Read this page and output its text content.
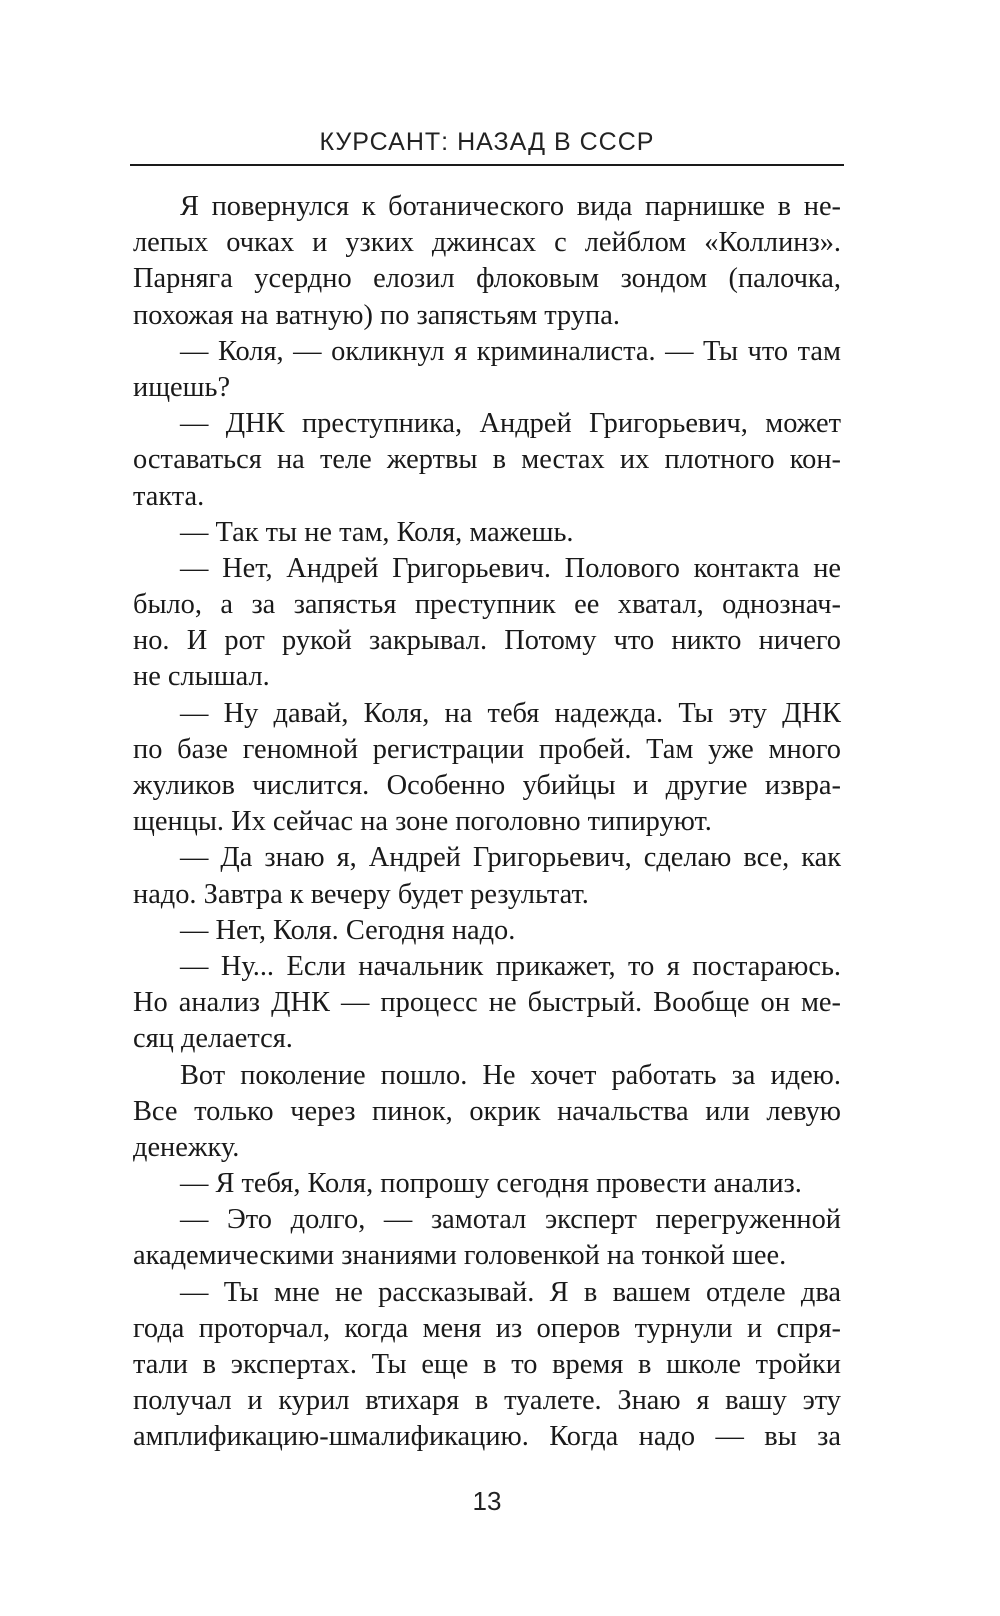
КУРСАНТ: НАЗАД В СССР
Я повернулся к ботанического вида парнишке в не-
лепых очках и узких джинсах с лейблом «Коллинз».
Парняга усердно елозил флоковым зондом (палочка,
похожая на ватную) по запястьям трупа.
— Коля, — окликнул я криминалиста. — Ты что там
ищешь?
— ДНК преступника, Андрей Григорьевич, может
оставаться на теле жертвы в местах их плотного кон-
такта.
— Так ты не там, Коля, мажешь.
— Нет, Андрей Григорьевич. Полового контакта не
было, а за запястья преступник ее хватал, однознач-
но. И рот рукой закрывал. Потому что никто ничего
не слышал.
— Ну давай, Коля, на тебя надежда. Ты эту ДНК
по базе геномной регистрации пробей. Там уже много
жуликов числится. Особенно убийцы и другие извра-
щенцы. Их сейчас на зоне поголовно типируют.
— Да знаю я, Андрей Григорьевич, сделаю все, как
надо. Завтра к вечеру будет результат.
— Нет, Коля. Сегодня надо.
— Ну... Если начальник прикажет, то я постараюсь.
Но анализ ДНК — процесс не быстрый. Вообще он ме-
сяц делается.
Вот поколение пошло. Не хочет работать за идею.
Все только через пинок, окрик начальства или левую
денежку.
— Я тебя, Коля, попрошу сегодня провести анализ.
— Это долго, — замотал эксперт перегруженной
академическими знаниями головенкой на тонкой шее.
— Ты мне не рассказывай. Я в вашем отделе два
года проторчал, когда меня из оперов турнули и спря-
тали в экспертах. Ты еще в то время в школе тройки
получал и курил втихаря в туалете. Знаю я вашу эту
амплификацию-шмалификацию. Когда надо — вы за
13
